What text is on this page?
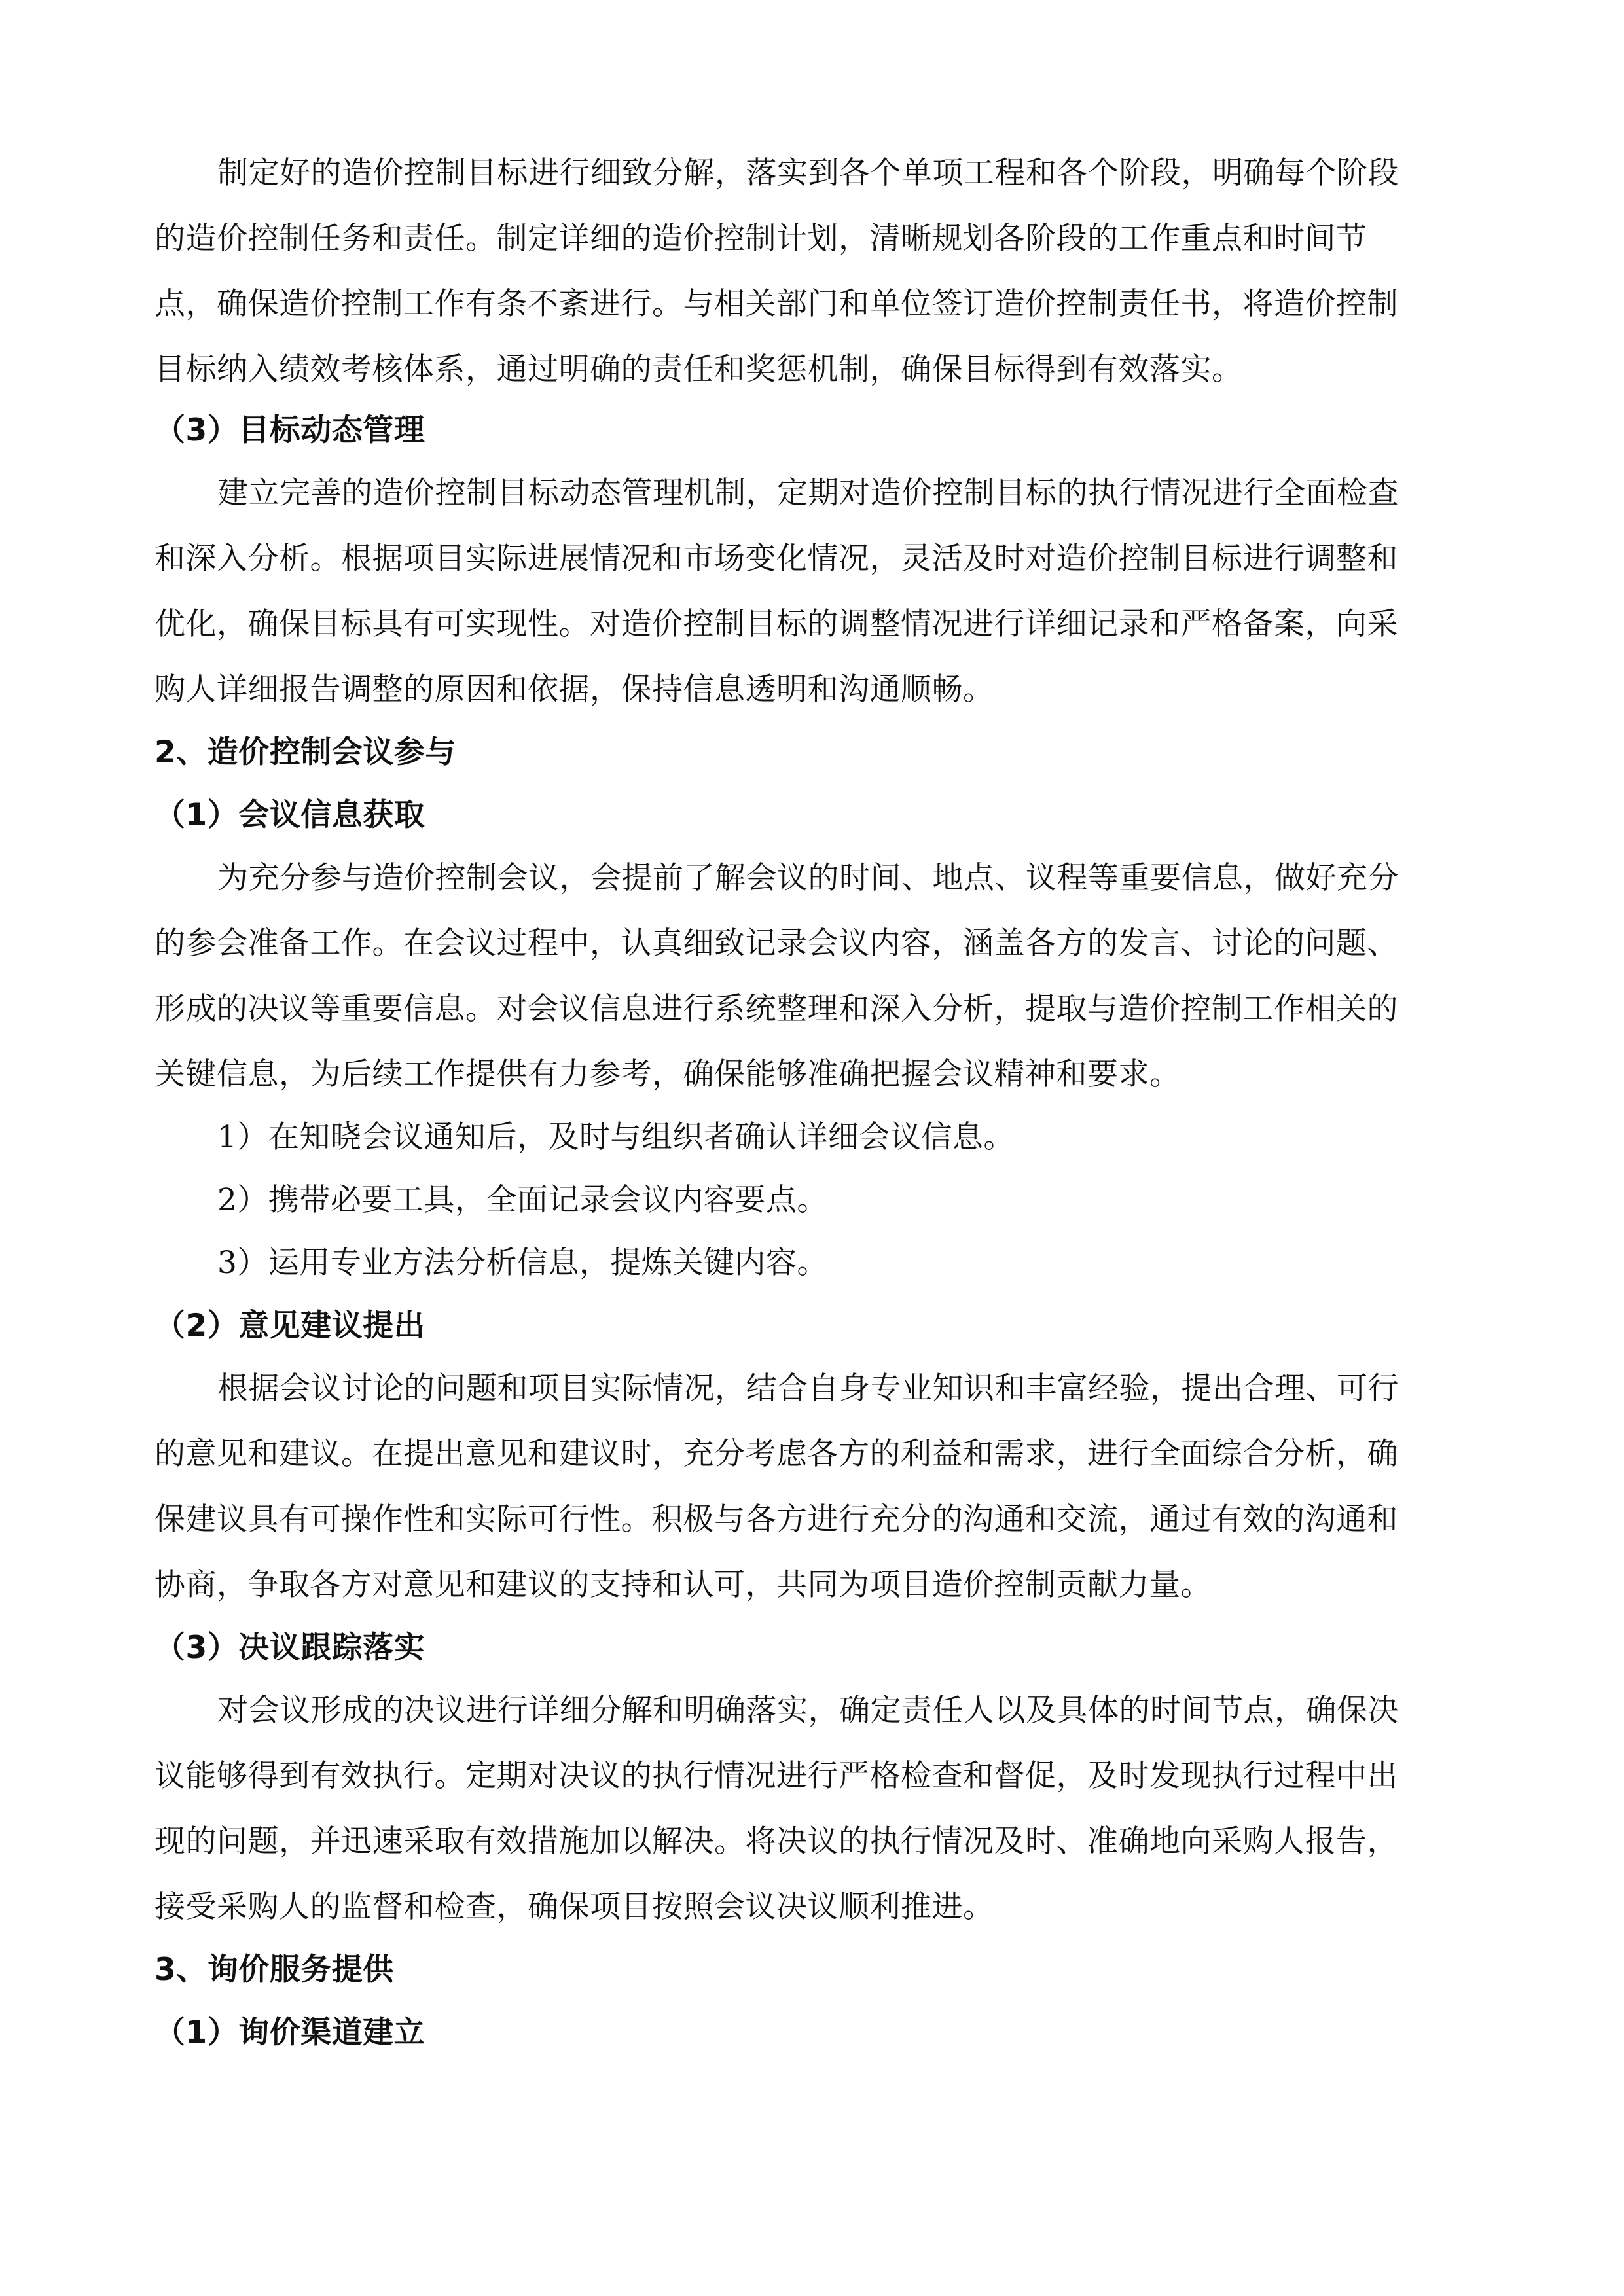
制定好的造价控制目标进行细致分解，落实到各个单项工程和各个阶段，明确每个阶段
的造价控制任务和责任。制定详细的造价控制计划，清晰规划各阶段的工作重点和时间节
点，确保造价控制工作有条不紊进行。与相关部门和单位签订造价控制责任书，将造价控制
目标纳入绩效考核体系，通过明确的责任和奖惩机制，确保目标得到有效落实。
（3）目标动态管理
建立完善的造价控制目标动态管理机制，定期对造价控制目标的执行情况进行全面检查
和深入分析。根据项目实际进展情况和市场变化情况，灵活及时对造价控制目标进行调整和
优化，确保目标具有可实现性。对造价控制目标的调整情况进行详细记录和严格备案，向采
购人详细报告调整的原因和依据，保持信息透明和沟通顺畅。
2、造价控制会议参与
（1）会议信息获取
为充分参与造价控制会议，会提前了解会议的时间、地点、议程等重要信息，做好充分
的参会准备工作。在会议过程中，认真细致记录会议内容，涵盖各方的发言、讨论的问题、
形成的决议等重要信息。对会议信息进行系统整理和深入分析，提取与造价控制工作相关的
关键信息，为后续工作提供有力参考，确保能够准确把握会议精神和要求。
1）在知晓会议通知后，及时与组织者确认详细会议信息。
2）携带必要工具，全面记录会议内容要点。
3）运用专业方法分析信息，提炼关键内容。
（2）意见建议提出
根据会议讨论的问题和项目实际情况，结合自身专业知识和丰富经验，提出合理、可行
的意见和建议。在提出意见和建议时，充分考虑各方的利益和需求，进行全面综合分析，确
保建议具有可操作性和实际可行性。积极与各方进行充分的沟通和交流，通过有效的沟通和
协商，争取各方对意见和建议的支持和认可，共同为项目造价控制贡献力量。
（3）决议跟踪落实
对会议形成的决议进行详细分解和明确落实，确定责任人以及具体的时间节点，确保决
议能够得到有效执行。定期对决议的执行情况进行严格检查和督促，及时发现执行过程中出
现的问题，并迅速采取有效措施加以解决。将决议的执行情况及时、准确地向采购人报告，
接受采购人的监督和检查，确保项目按照会议决议顺利推进。
3、询价服务提供
（1）询价渠道建立
